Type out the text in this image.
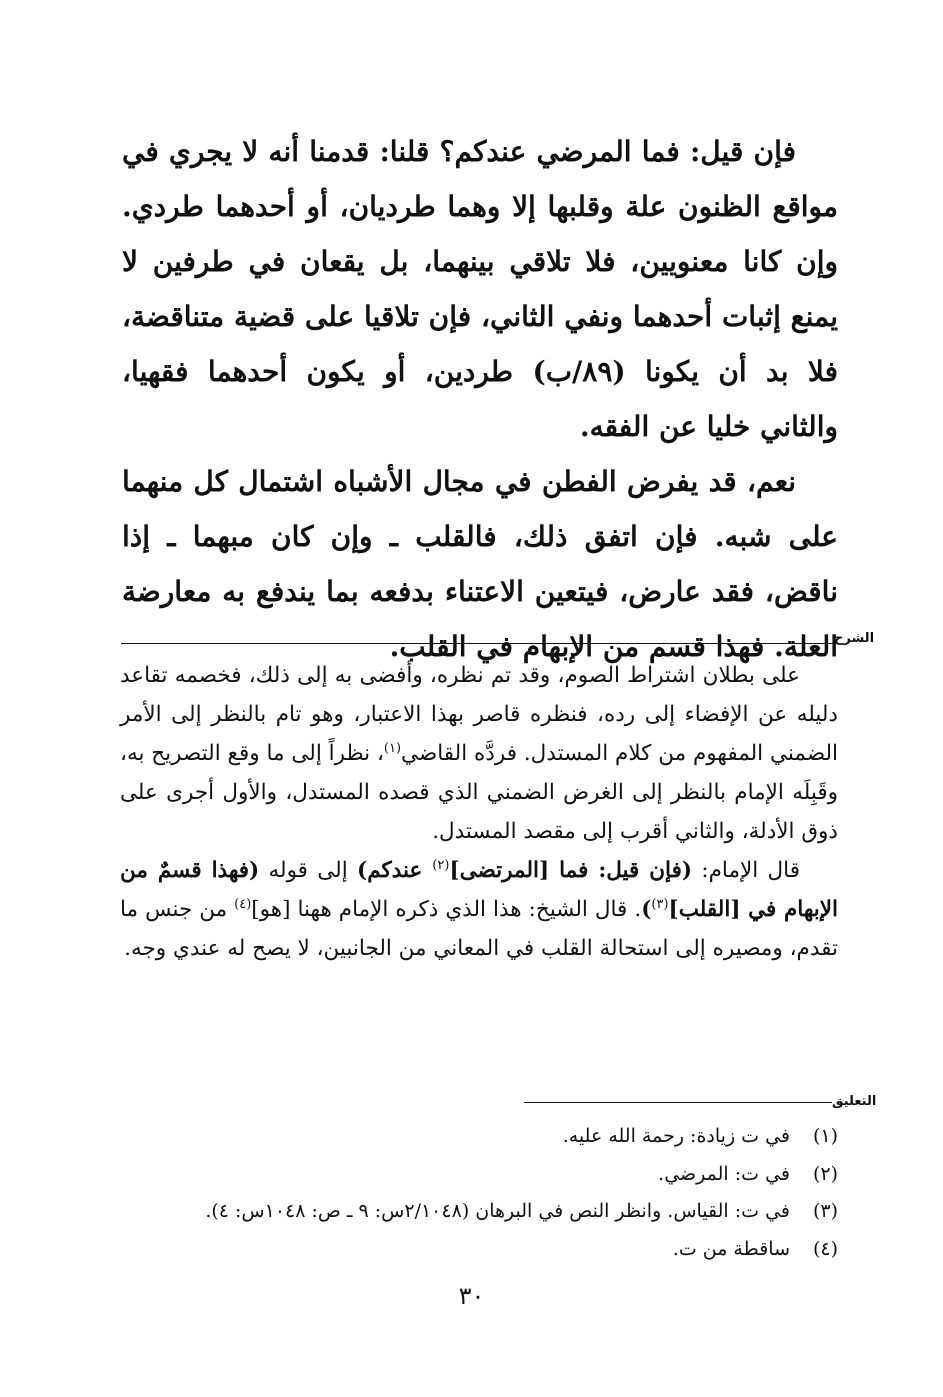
فإن قيل: فما المرضي عندكم؟ قلنا: قدمنا أنه لا يجري في مواقع الظنون علة وقلبها إلا وهما طرديان، أو أحدهما طردي. وإن كانا معنويين، فلا تلاقي بينهما، بل يقعان في طرفين لا يمنع إثبات أحدهما ونفي الثاني، فإن تلاقيا على قضية متناقضة، فلا بد أن يكونا (٨٩/ب) طردين، أو يكون أحدهما فقهيا، والثاني خليا عن الفقه.

نعم، قد يفرض الفطن في مجال الأشباه اشتمال كل منهما على شبه. فإن اتفق ذلك، فالقلب ـ وإن كان مبهما ـ إذا ناقض، فقد عارض، فيتعين الاعتناء بدفعه بما يندفع به معارضة العلة. فهذا قسم من الإبهام في القلب.

الشرح

على بطلان اشتراط الصوم، وقد تم نظره، وأفضى به إلى ذلك، فخصمه تقاعد دليله عن الإفضاء إلى رده، فنظره قاصر بهذا الاعتبار، وهو تام بالنظر إلى الأمر الضمني المفهوم من كلام المستدل. فردَّه القاضي$^{(١)}$، نظراً إلى ما وقع التصريح به، وقَبِلَه الإمام بالنظر إلى الغرض الضمني الذي قصده المستدل، والأول أجرى على ذوق الأدلة، والثاني أقرب إلى مقصد المستدل.

قال الإمام: (فإن قيل: فما [المرتضى]$^{(٢)}$ عندكم) إلى قوله (فهذا قسمٌ من الإبهام في [القلب]$^{(٣)}$). قال الشيخ: هذا الذي ذكره الإمام ههنا [هو]$^{(٤)}$ من جنس ما تقدم، ومصيره إلى استحالة القلب في المعاني من الجانبين، لا يصح له عندي وجه.

التعليق
(١)
في ت زيادة: رحمة الله عليه.
(٢)
في ت: المرضي.
(٣)
في ت: القياس. وانظر النص في البرهان (٢/١٠٤٨س: ٩ ـ ص: ١٠٤٨س: ٤).
(٤)
ساقطة من ت.
٣٠
